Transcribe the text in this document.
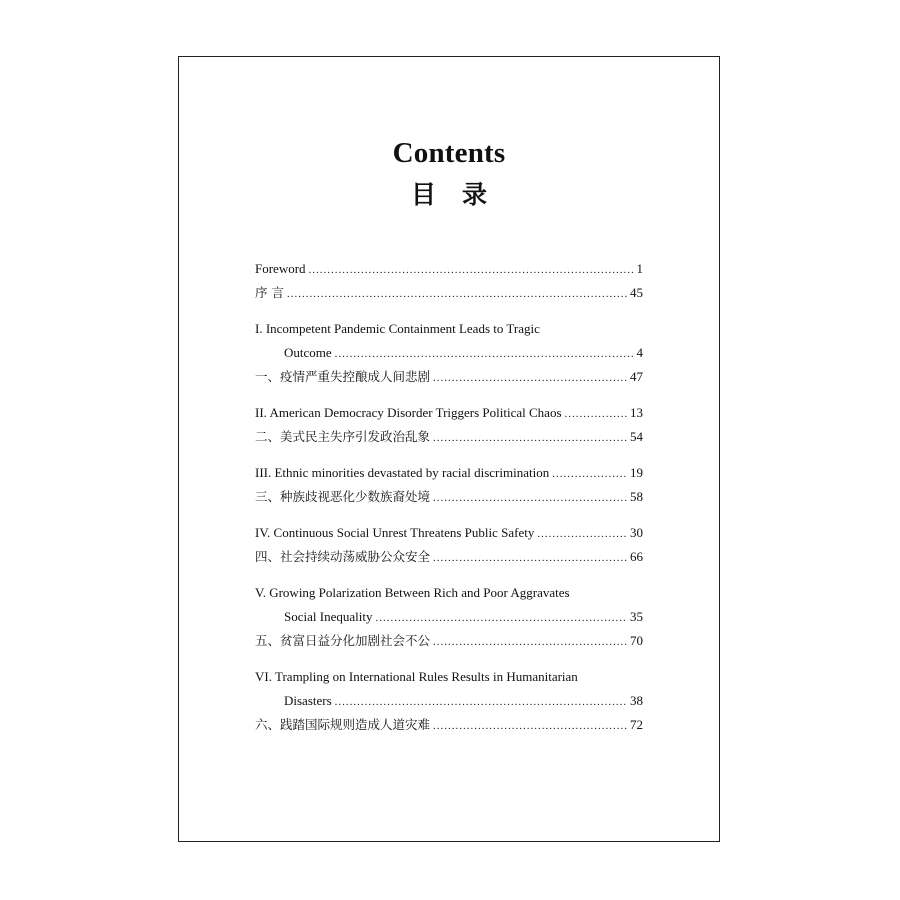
Contents
目录
Foreword .....	1
序 言 .....	45
I. Incompetent Pandemic Containment Leads to Tragic
Outcome .....	4
一、疫情严重失控酿成人间悲剧 .....	47
II. American Democracy Disorder Triggers Political Chaos .....	13
二、美式民主失序引发政治乱象 .....	54
III. Ethnic minorities devastated by racial discrimination .....	19
三、种族歧视恶化少数族裔处境 .....	58
IV. Continuous Social Unrest Threatens Public Safety .....	30
四、社会持续动荡威胁公众安全 .....	66
V. Growing Polarization Between Rich and Poor Aggravates
Social Inequality .....	35
五、贫富日益分化加剧社会不公 .....	70
VI. Trampling on International Rules Results in Humanitarian
Disasters .....	38
六、践踏国际规则造成人道灾难 .....	72
